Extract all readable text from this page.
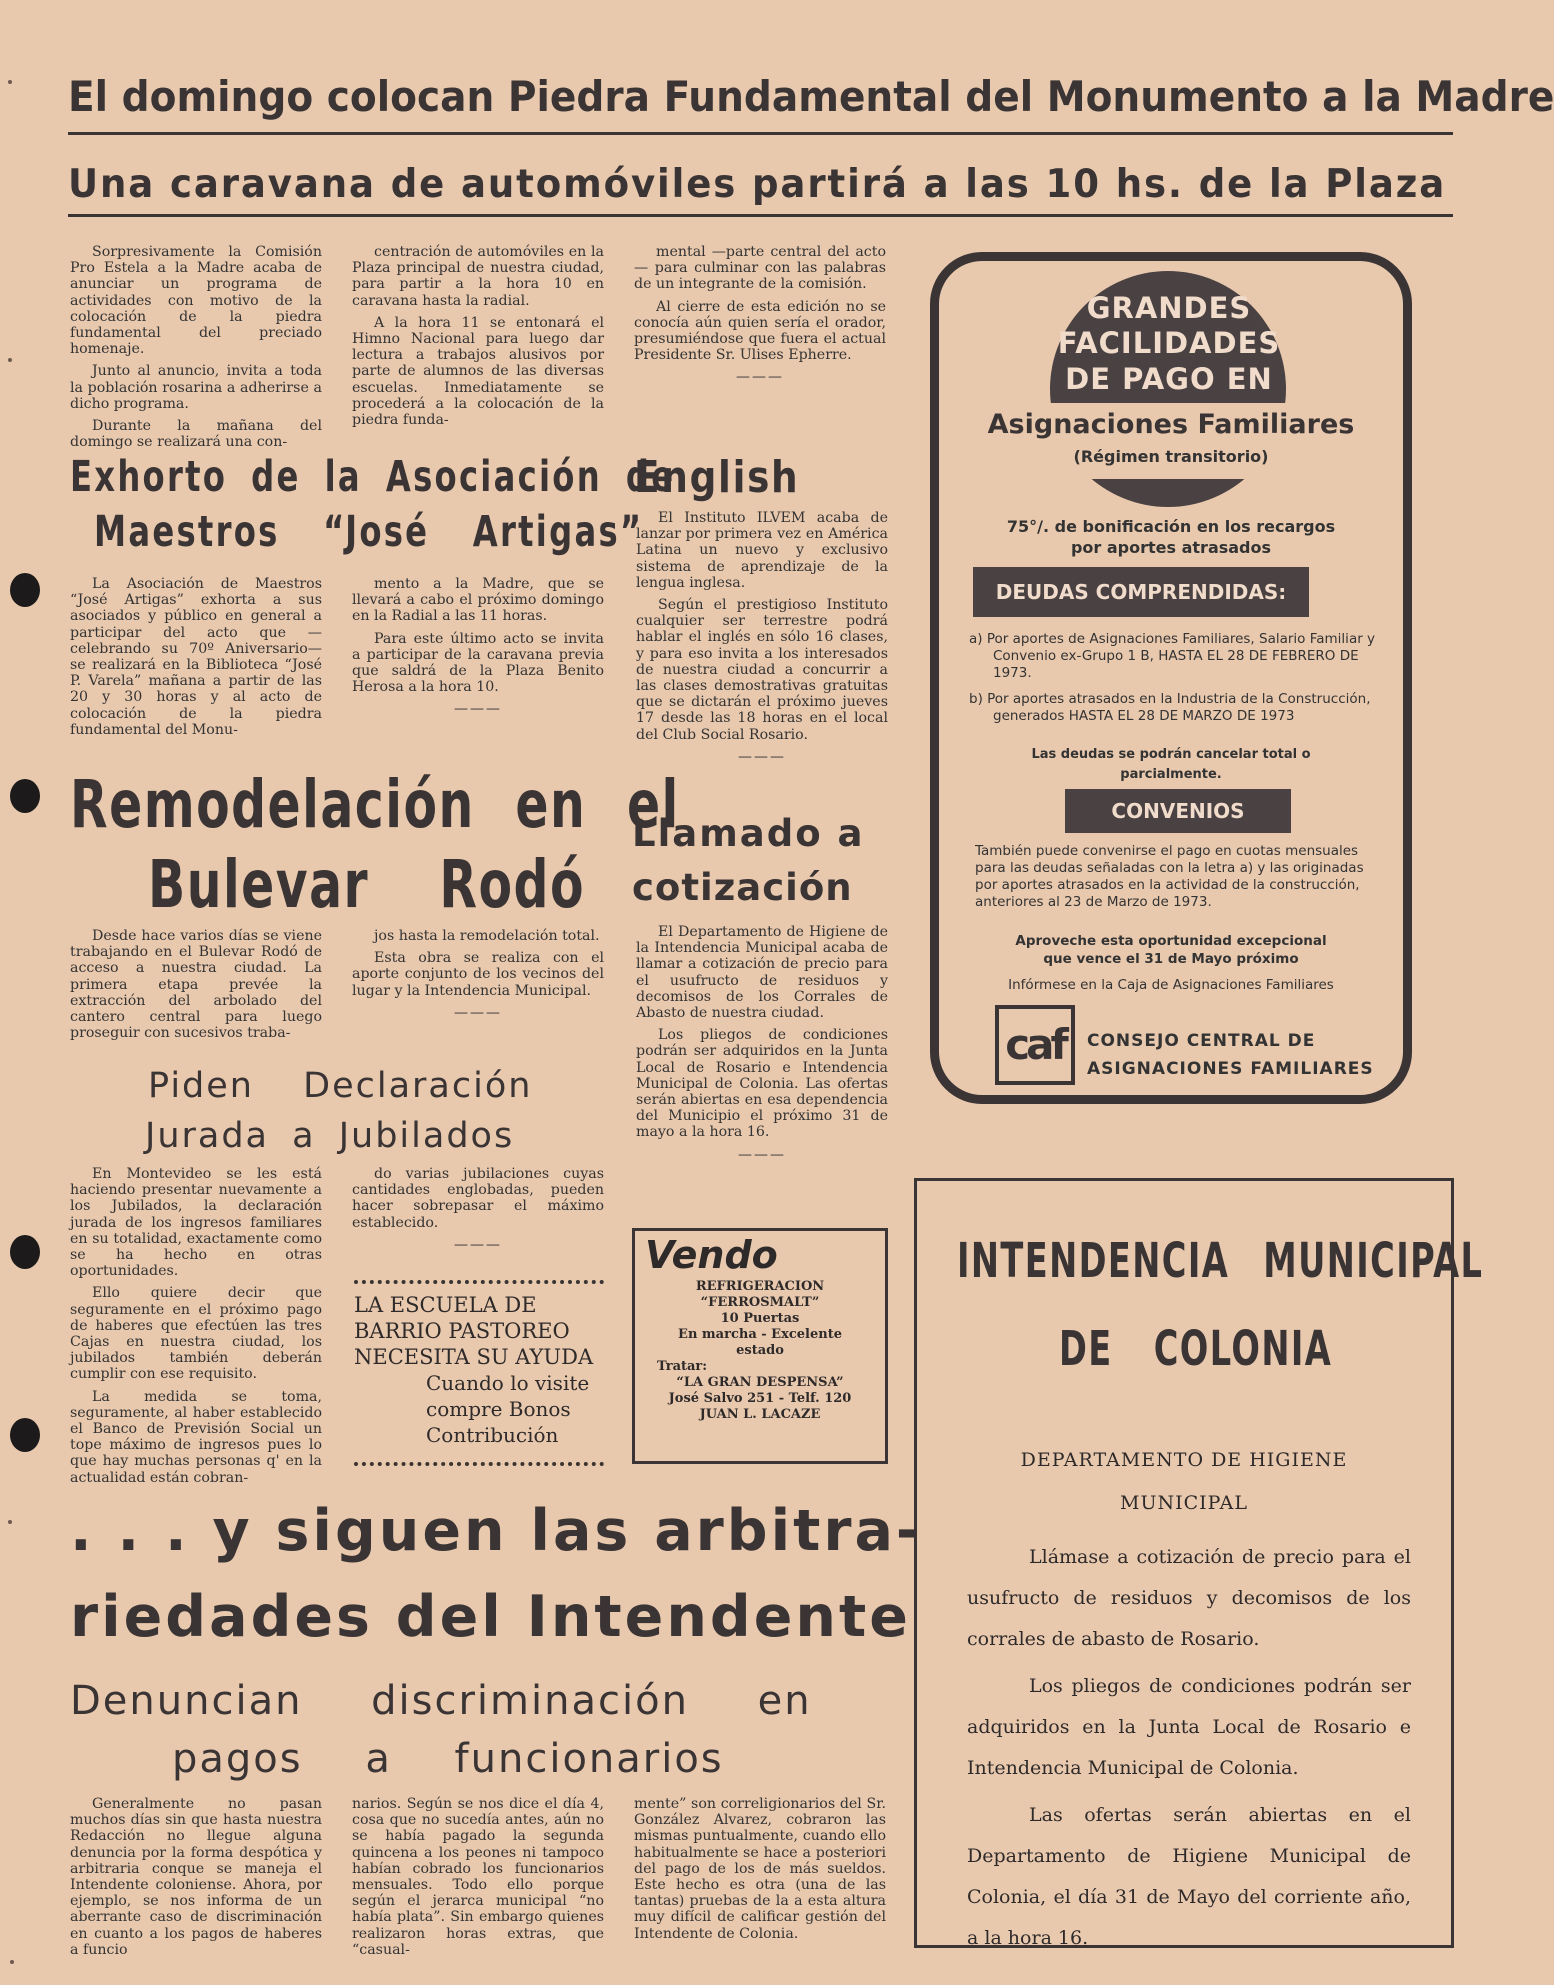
El domingo colocan Piedra Fundamental del Monumento a la Madre
Una caravana de automóviles partirá a las 10 hs. de la Plaza

Sorpresivamente la Comisión Pro Estela a la Madre acaba de anunciar un programa de actividades con motivo de la colocación de la piedra fundamental del preciado homenaje.

Junto al anuncio, invita a toda la población rosarina a adherirse a dicho programa.

Durante la mañana del domingo se realizará una con-

centración de automóviles en la Plaza principal de nuestra ciudad, para partir a la hora 10 en caravana hasta la radial.

A la hora 11 se entonará el Himno Nacional para luego dar lectura a trabajos alusivos por parte de alumnos de las diversas escuelas. Inmediatamente se procederá a la colocación de la piedra funda-

mental —parte central del acto— para culminar con las palabras de un integrante de la comisión.

Al cierre de esta edición no se conocía aún quien sería el orador, presumiéndose que fuera el actual Presidente Sr. Ulises Epherre.

———
Exhorto de la Asociación de
Maestros “José Artigas”

La Asociación de Maestros “José Artigas” exhorta a sus asociados y público en general a participar del acto que —celebrando su 70º Aniversario— se realizará en la Biblioteca “José P. Varela” mañana a partir de las 20 y 30 horas y al acto de colocación de la piedra fundamental del Monu-

mento a la Madre, que se llevará a cabo el próximo domingo en la Radial a las 11 horas.

Para este último acto se invita a participar de la caravana previa que saldrá de la Plaza Benito Herosa a la hora 10.

———
English

El Instituto ILVEM acaba de lanzar por primera vez en América Latina un nuevo y exclusivo sistema de aprendizaje de la lengua inglesa.

Según el prestigioso Instituto cualquier ser terrestre podrá hablar el inglés en sólo 16 clases, y para eso invita a los interesados de nuestra ciudad a concurrir a las clases demostrativas gratuitas que se dictarán el próximo jueves 17 desde las 18 horas en el local del Club Social Rosario.

———
Remodelación en el
Bulevar Rodó

Desde hace varios días se viene trabajando en el Bulevar Rodó de acceso a nuestra ciudad. La primera etapa prevée la extracción del arbolado del cantero central para luego proseguir con sucesivos traba-

jos hasta la remodelación total.

Esta obra se realiza con el aporte conjunto de los vecinos del lugar y la Intendencia Municipal.

———
Llamado a
cotización

El Departamento de Higiene de la Intendencia Municipal acaba de llamar a cotización de precio para el usufructo de residuos y decomisos de los Corrales de Abasto de nuestra ciudad.

Los pliegos de condiciones podrán ser adquiridos en la Junta Local de Rosario e Intendencia Municipal de Colonia. Las ofertas serán abiertas en esa dependencia del Municipio el próximo 31 de mayo a la hora 16.

———
Piden Declaración
Jurada a Jubilados

En Montevideo se les está haciendo presentar nuevamente a los Jubilados, la declaración jurada de los ingresos familiares en su totalidad, exactamente como se ha hecho en otras oportunidades.

Ello quiere decir que seguramente en el próximo pago de haberes que efectúen las tres Cajas en nuestra ciudad, los jubilados también deberán cumplir con ese requisito.

La medida se toma, seguramente, al haber establecido el Banco de Previsión Social un tope máximo de ingresos pues lo que hay muchas personas q' en la actualidad están cobran-

do varias jubilaciones cuyas cantidades englobadas, pueden hacer sobrepasar el máximo establecido.

———
LA ESCUELA DE
BARRIO PASTOREO
NECESITA SU AYUDA
Cuando lo visite
compre Bonos
Contribución
Vendo
REFRIGERACION
“FERROSMALT”
10 Puertas
En marcha - Excelente
estado
Tratar:
“LA GRAN DESPENSA”
José Salvo 251 - Telf. 120
JUAN L. LACAZE
. . . y siguen las arbitra-
riedades del Intendente
Denuncian discriminación en
pagos a funcionarios

Generalmente no pasan muchos días sin que hasta nuestra Redacción no llegue alguna denuncia por la forma despótica y arbitraria conque se maneja el Intendente coloniense. Ahora, por ejemplo, se nos informa de un aberrante caso de discriminación en cuanto a los pagos de haberes a funcio

narios. Según se nos dice el día 4, cosa que no sucedía antes, aún no se había pagado la segunda quincena a los peones ni tampoco habían cobrado los funcionarios mensuales. Todo ello porque según el jerarca municipal “no había plata”. Sin embargo quienes realizaron horas extras, que “casual-

mente” son correligionarios del Sr. González Alvarez, cobraron las mismas puntualmente, cuando ello habitualmente se hace a posteriori del pago de los de más sueldos. Este hecho es otra (una de las tantas) pruebas de la a esta altura muy difícil de calificar gestión del Intendente de Colonia.

GRANDES
FACILIDADES
DE PAGO EN
Asignaciones Familiares
(Régimen transitorio)
75°/. de bonificación en los recargos
por aportes atrasados
DEUDAS COMPRENDIDAS:
a) Por aportes de Asignaciones Familiares, Salario Familiar y Convenio ex-Grupo 1 B, HASTA EL 28 DE FEBRERO DE 1973.
b) Por aportes atrasados en la Industria de la Construcción, generados HASTA EL 28 DE MARZO DE 1973
Las deudas se podrán cancelar total o
parcialmente.
CONVENIOS
También puede convenirse el pago en cuotas mensuales para las deudas señaladas con la letra a) y las originadas por aportes atrasados en la actividad de la construcción, anteriores al 23 de Marzo de 1973.
Aproveche esta oportunidad excepcional
que vence el 31 de Mayo próximo
Infórmese en la Caja de Asignaciones Familiares
caf	CONSEJO CENTRAL DE
ASIGNACIONES FAMILIARES
INTENDENCIA MUNICIPAL
DE COLONIA
DEPARTAMENTO DE HIGIENE
MUNICIPAL

Llámase a cotización de precio para el usufructo de residuos y decomisos de los corrales de abasto de Rosario.

Los pliegos de condiciones podrán ser adquiridos en la Junta Local de Rosario e Intendencia Municipal de Colonia.

Las ofertas serán abiertas en el Departamento de Higiene Municipal de Colonia, el día 31 de Mayo del corriente año, a la hora 16.
